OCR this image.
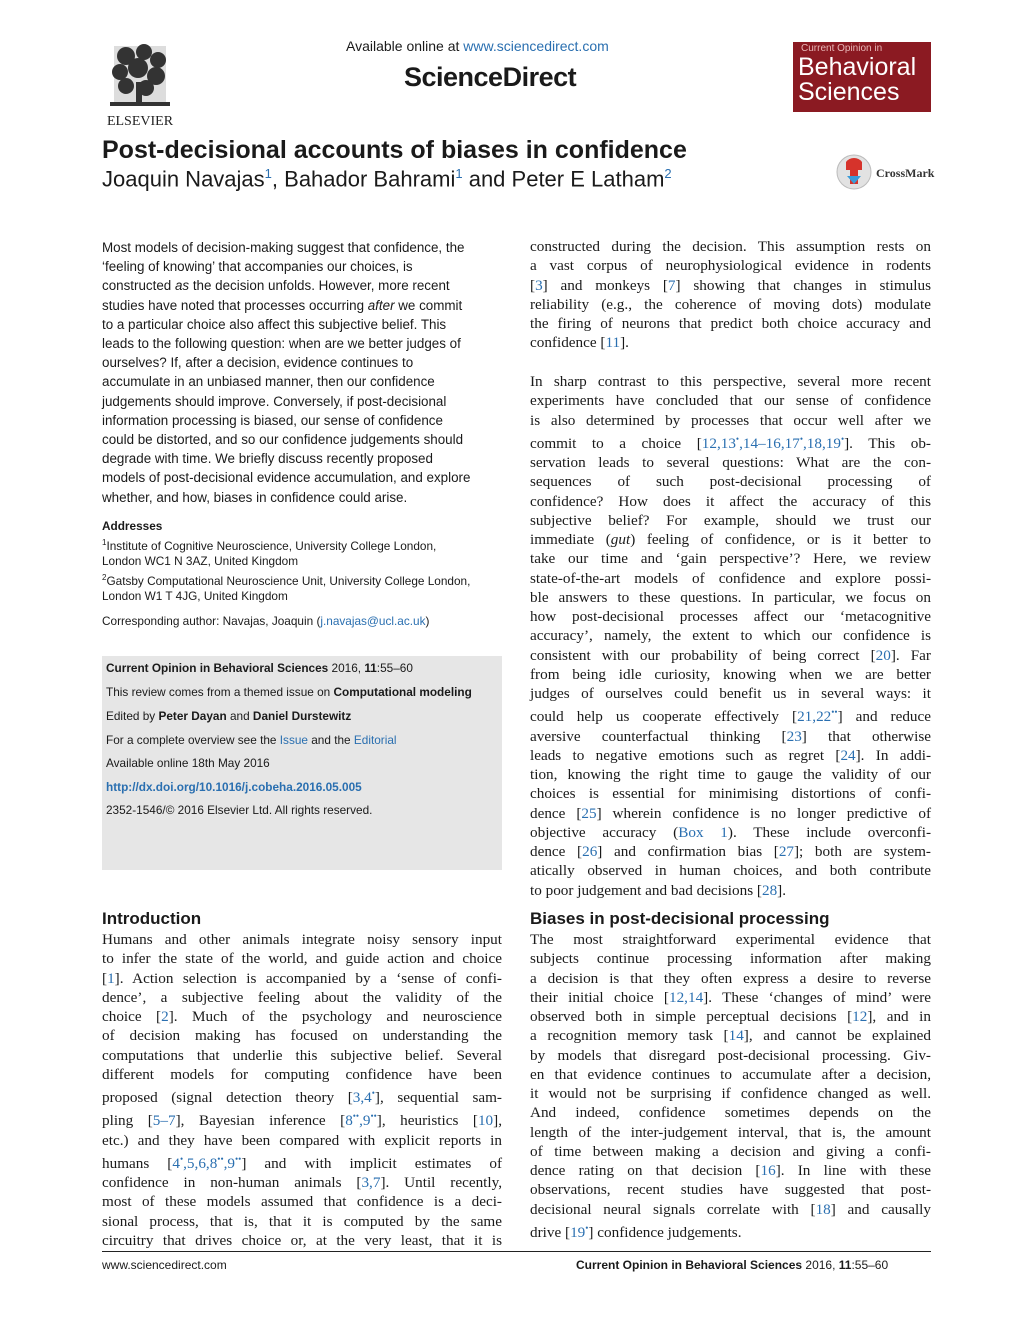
ELSEVIER
Available online at www.sciencedirect.com
ScienceDirect
Current Opinion in
Behavioral
Sciences
Post-decisional accounts of biases in confidence
Joaquin Navajas$^1$, Bahador Bahrami$^1$ and Peter E Latham$^2$	CrossMark
Most models of decision-making suggest that confidence, the
‘feeling of knowing’ that accompanies our choices, is
constructed as the decision unfolds. However, more recent
studies have noted that processes occurring after we commit
to a particular choice also affect this subjective belief. This
leads to the following question: when are we better judges of
ourselves? If, after a decision, evidence continues to
accumulate in an unbiased manner, then our confidence
judgements should improve. Conversely, if post-decisional
information processing is biased, our sense of confidence
could be distorted, and so our confidence judgements should
degrade with time. We briefly discuss recently proposed
models of post-decisional evidence accumulation, and explore
whether, and how, biases in confidence could arise.
Addresses
$^1$Institute of Cognitive Neuroscience, University College London,
London WC1 N 3AZ, United Kingdom
$^2$Gatsby Computational Neuroscience Unit, University College London,
London W1 T 4JG, United Kingdom
Corresponding author: Navajas, Joaquin (j.navajas@ucl.ac.uk)
Current Opinion in Behavioral Sciences 2016, 11:55–60
This review comes from a themed issue on Computational modeling
Edited by Peter Dayan and Daniel Durstewitz
For a complete overview see the Issue and the Editorial
Available online 18th May 2016
http://dx.doi.org/10.1016/j.cobeha.2016.05.005
2352-1546/© 2016 Elsevier Ltd. All rights reserved.
Introduction
Humans and other animals integrate noisy sensory input
to infer the state of the world, and guide action and choice
[1]. Action selection is accompanied by a ‘sense of confi-
dence’, a subjective feeling about the validity of the
choice [2]. Much of the psychology and neuroscience
of decision making has focused on understanding the
computations that underlie this subjective belief. Several
different models for computing confidence have been
proposed (signal detection theory [3,4•], sequential sam-
pling [5–7], Bayesian inference [8••,9••], heuristics [10],
etc.) and they have been compared with explicit reports in
humans [4•,5,6,8••,9••] and with implicit estimates of
confidence in non-human animals [3,7]. Until recently,
most of these models assumed that confidence is a deci-
sional process, that is, that it is computed by the same
circuitry that drives choice or, at the very least, that it is
constructed during the decision. This assumption rests on
a vast corpus of neurophysiological evidence in rodents
[3] and monkeys [7] showing that changes in stimulus
reliability (e.g., the coherence of moving dots) modulate
the firing of neurons that predict both choice accuracy and
confidence [11].
In sharp contrast to this perspective, several more recent
experiments have concluded that our sense of confidence
is also determined by processes that occur well after we
commit to a choice [12,13•,14–16,17•,18,19•]. This ob-
servation leads to several questions: What are the con-
sequences of such post-decisional processing of
confidence? How does it affect the accuracy of this
subjective belief? For example, should we trust our
immediate (gut) feeling of confidence, or is it better to
take our time and ‘gain perspective’? Here, we review
state-of-the-art models of confidence and explore possi-
ble answers to these questions. In particular, we focus on
how post-decisional processes affect our ‘metacognitive
accuracy’, namely, the extent to which our confidence is
consistent with our probability of being correct [20]. Far
from being idle curiosity, knowing when we are better
judges of ourselves could benefit us in several ways: it
could help us cooperate effectively [21,22••] and reduce
aversive counterfactual thinking [23] that otherwise
leads to negative emotions such as regret [24]. In addi-
tion, knowing the right time to gauge the validity of our
choices is essential for minimising distortions of confi-
dence [25] wherein confidence is no longer predictive of
objective accuracy (Box 1). These include overconfi-
dence [26] and confirmation bias [27]; both are system-
atically observed in human choices, and both contribute
to poor judgement and bad decisions [28].
Biases in post-decisional processing
The most straightforward experimental evidence that
subjects continue processing information after making
a decision is that they often express a desire to reverse
their initial choice [12,14]. These ‘changes of mind’ were
observed both in simple perceptual decisions [12], and in
a recognition memory task [14], and cannot be explained
by models that disregard post-decisional processing. Giv-
en that evidence continues to accumulate after a decision,
it would not be surprising if confidence changed as well.
And indeed, confidence sometimes depends on the
length of the inter-judgement interval, that is, the amount
of time between making a decision and giving a confi-
dence rating on that decision [16]. In line with these
observations, recent studies have suggested that post-
decisional neural signals correlate with [18] and causally
drive [19•] confidence judgements.
www.sciencedirect.com	Current Opinion in Behavioral Sciences 2016, 11:55–60
